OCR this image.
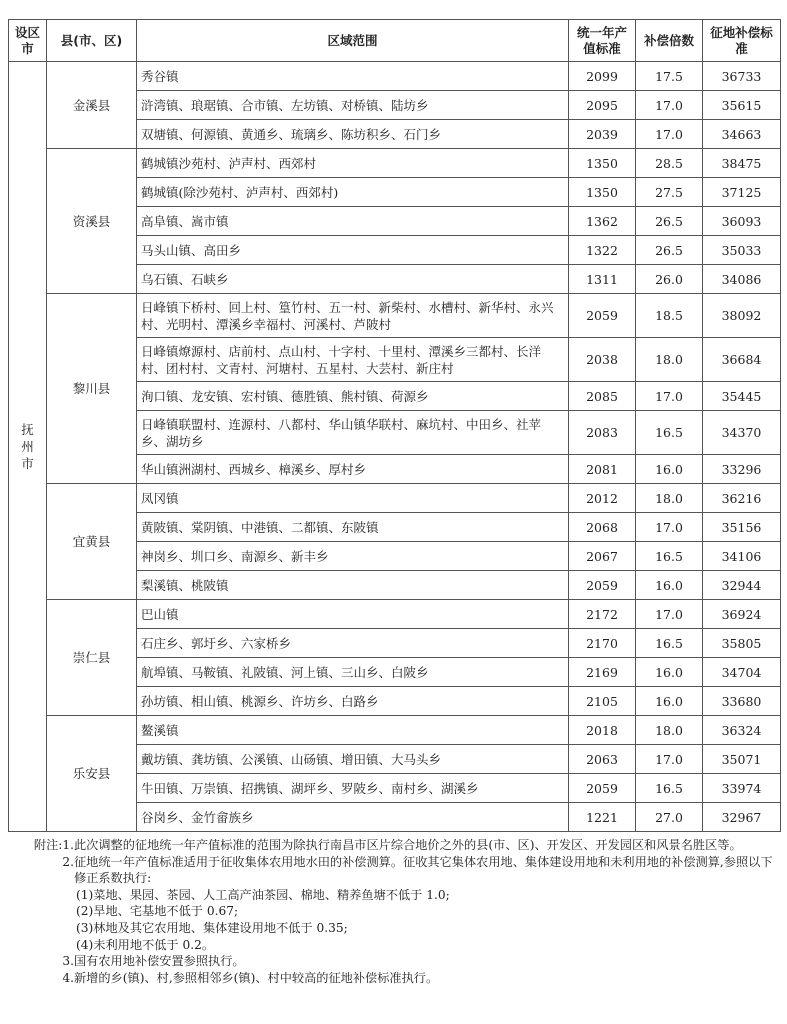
设区市	县(市、区)	区域范围	统一年产值标准	补偿倍数	征地补偿标准
抚州市	金溪县	秀谷镇	2099	17.5	36733
		浒湾镇、琅琚镇、合市镇、左坊镇、对桥镇、陆坊乡	2095	17.0	35615
		双塘镇、何源镇、黄通乡、琉璃乡、陈坊积乡、石门乡	2039	17.0	34663
	资溪县	鹤城镇沙苑村、泸声村、西郊村	1350	28.5	38475
		鹤城镇(除沙苑村、泸声村、西郊村)	1350	27.5	37125
		高阜镇、嵩市镇	1362	26.5	36093
		马头山镇、高田乡	1322	26.5	35033
		乌石镇、石峡乡	1311	26.0	34086
	黎川县	日峰镇下桥村、回上村、篁竹村、五一村、新柴村、水槽村、新华村、永兴村、光明村、潭溪乡幸福村、河溪村、芦陂村	2059	18.5	38092
		日峰镇燎源村、店前村、点山村、十字村、十里村、潭溪乡三都村、长洋村、团村村、文青村、河塘村、五星村、大芸村、新庄村	2038	18.0	36684
		洵口镇、龙安镇、宏村镇、德胜镇、熊村镇、荷源乡	2085	17.0	35445
		日峰镇联盟村、连源村、八都村、华山镇华联村、麻坑村、中田乡、社苹乡、湖坊乡	2083	16.5	34370
		华山镇洲湖村、西城乡、樟溪乡、厚村乡	2081	16.0	33296
	宜黄县	凤冈镇	2012	18.0	36216
		黄陂镇、棠阴镇、中港镇、二都镇、东陂镇	2068	17.0	35156
		神岗乡、圳口乡、南源乡、新丰乡	2067	16.5	34106
		梨溪镇、桃陂镇	2059	16.0	32944
	崇仁县	巴山镇	2172	17.0	36924
		石庄乡、郭圩乡、六家桥乡	2170	16.5	35805
		航埠镇、马鞍镇、礼陂镇、河上镇、三山乡、白陂乡	2169	16.0	34704
		孙坊镇、相山镇、桃源乡、许坊乡、白路乡	2105	16.0	33680
	乐安县	鳌溪镇	2018	18.0	36324
		戴坊镇、龚坊镇、公溪镇、山砀镇、增田镇、大马头乡	2063	17.0	35071
		牛田镇、万崇镇、招携镇、湖坪乡、罗陂乡、南村乡、湖溪乡	2059	16.5	33974
		谷岗乡、金竹畲族乡	1221	27.0	32967
附注:1. 此次调整的征地统一年产值标准的范围为除执行南昌市区片综合地价之外的县(市、区)、开发区、开发园区和风景名胜区等。
2. 征地统一年产值标准适用于征收集体农用地水田的补偿测算。征收其它集体农用地、集体建设用地和未利用地的补偿测算,参照以下修正系数执行:
(1)菜地、果园、茶园、人工高产油茶园、棉地、精养鱼塘不低于 1.0;
(2)旱地、宅基地不低于 0.67;
(3)林地及其它农用地、集体建设用地不低于 0.35;
(4)未利用地不低于 0.2。
3. 国有农用地补偿安置参照执行。
4. 新增的乡(镇)、村,参照相邻乡(镇)、村中较高的征地补偿标准执行。
